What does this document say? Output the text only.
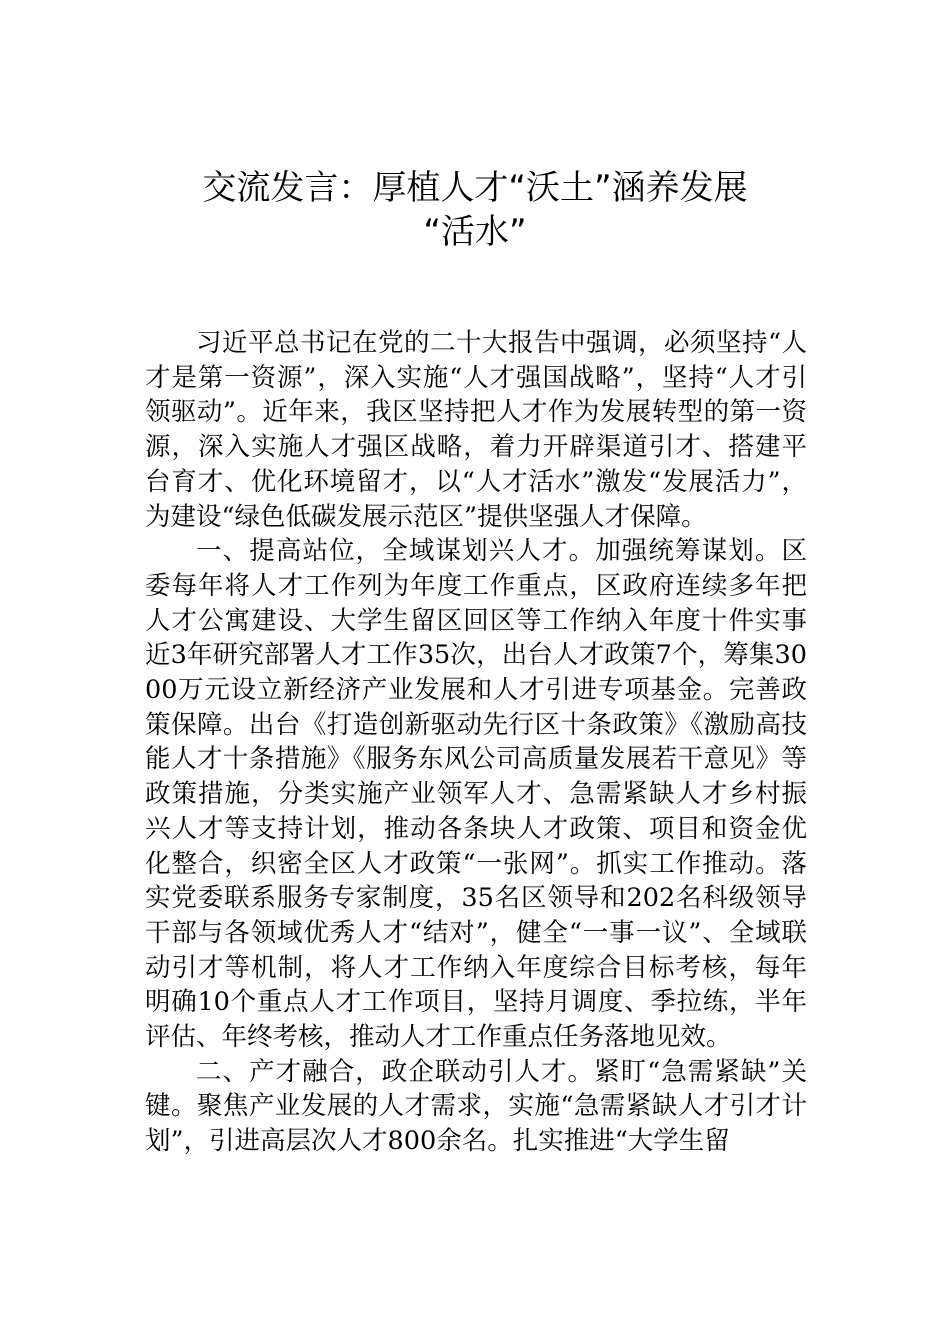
交流发言：厚植人才“沃土”涵养发展
“活水”

习近平总书记在党的二十大报告中强调，必须坚持“人才是第一资源”，深入实施“人才强国战略”，坚持“人才引领驱动”。近年来，我区坚持把人才作为发展转型的第一资源，深入实施人才强区战略，着力开辟渠道引才、搭建平台育才、优化环境留才，以“人才活水”激发“发展活力”，为建设“绿色低碳发展示范区”提供坚强人才保障。

一、提高站位，全域谋划兴人才。加强统筹谋划。区委每年将人才工作列为年度工作重点，区政府连续多年把人才公寓建设、大学生留区回区等工作纳入年度十件实事近3年研究部署人才工作35次，出台人才政策7个，筹集3000万元设立新经济产业发展和人才引进专项基金。完善政策保障。出台《打造创新驱动先行区十条政策》《激励高技能人才十条措施》《服务东风公司高质量发展若干意见》等政策措施，分类实施产业领军人才、急需紧缺人才乡村振兴人才等支持计划，推动各条块人才政策、项目和资金优化整合，织密全区人才政策“一张网”。抓实工作推动。落实党委联系服务专家制度，35名区领导和202名科级领导干部与各领域优秀人才“结对”，健全“一事一议”、全域联动引才等机制，将人才工作纳入年度综合目标考核，每年明确10个重点人才工作项目，坚持月调度、季拉练，半年评估、年终考核，推动人才工作重点任务落地见效。

二、产才融合，政企联动引人才。紧盯“急需紧缺”关键。聚焦产业发展的人才需求，实施“急需紧缺人才引才计划”，引进高层次人才800余名。扎实推进“大学生留
